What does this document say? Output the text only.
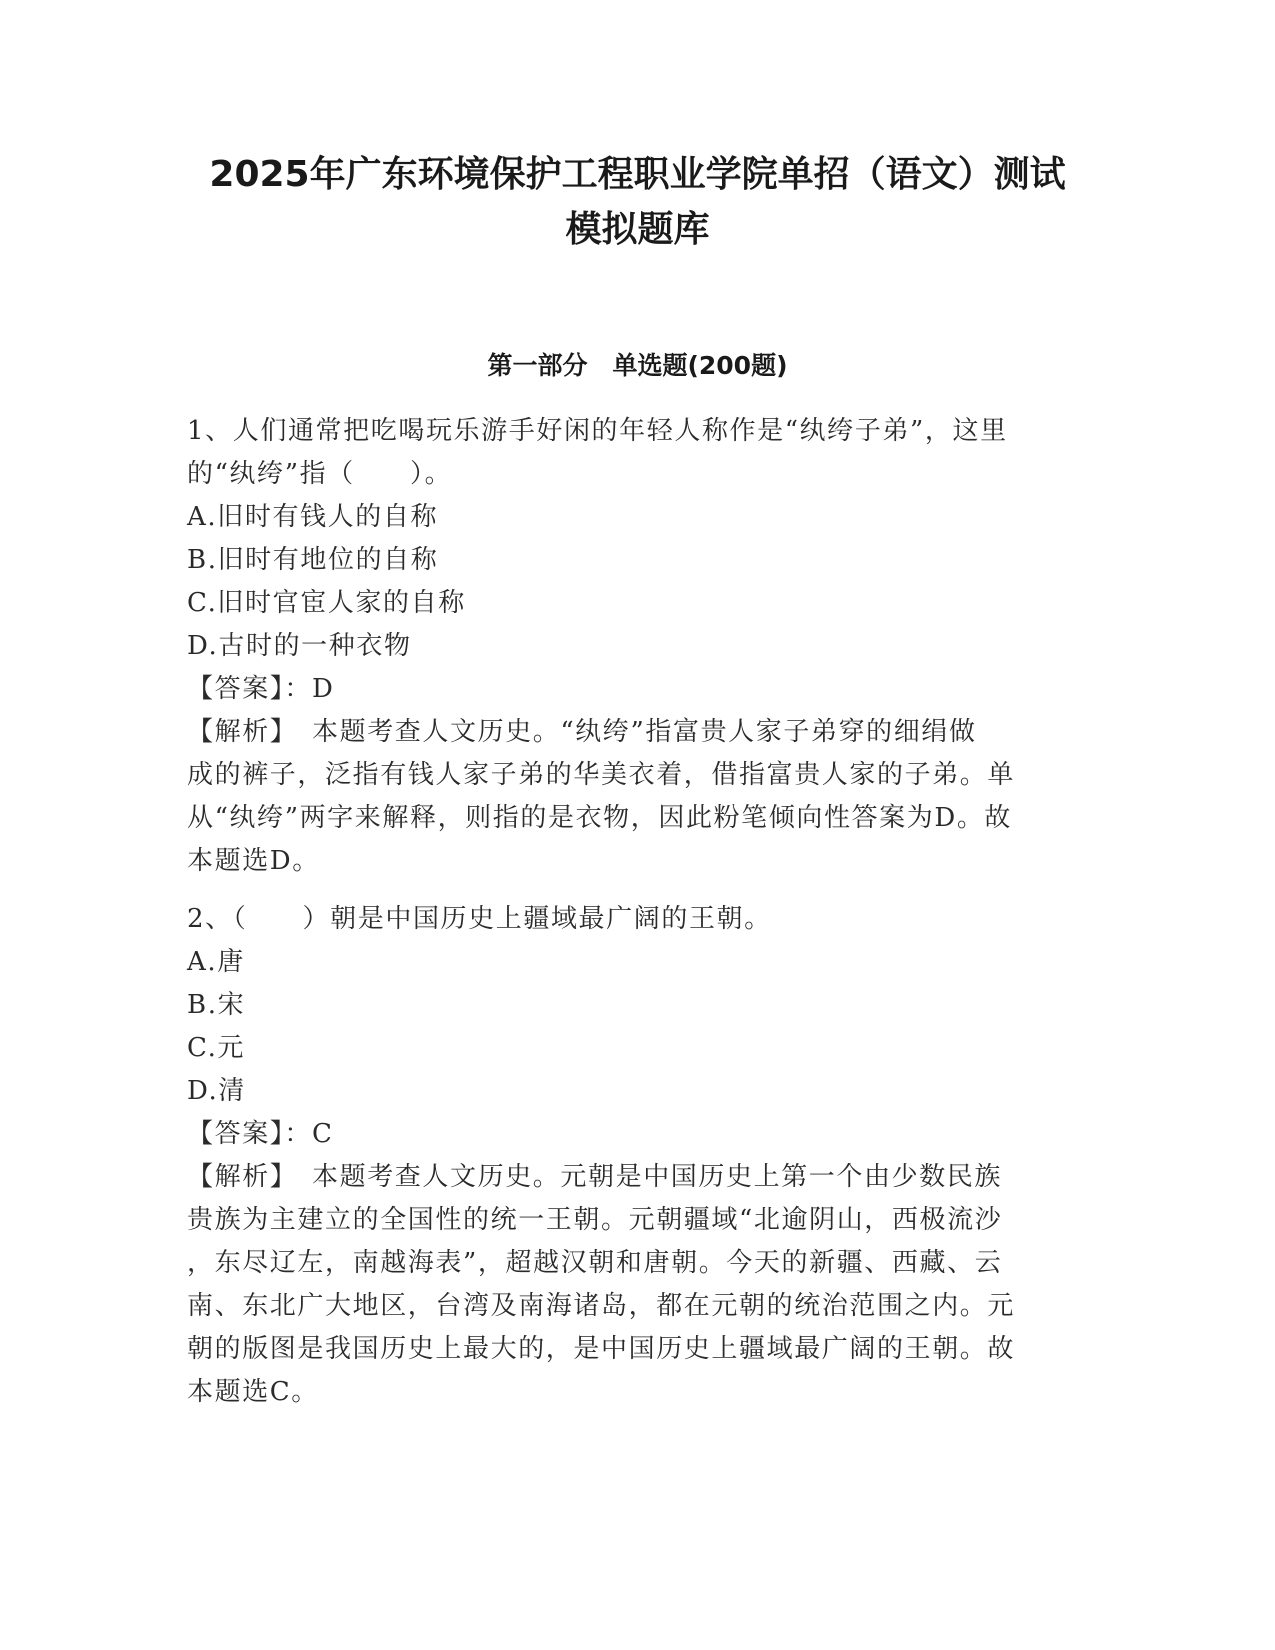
2025年广东环境保护工程职业学院单招（语文）测试
模拟题库
第一部分　单选题(200题)
1、人们通常把吃喝玩乐游手好闲的年轻人称作是“纨绔子弟”，这里
的“纨绔”指（　　）。
A.旧时有钱人的自称
B.旧时有地位的自称
C.旧时官宦人家的自称
D.古时的一种衣物
【答案】：D
【解析】　本题考查人文历史。“纨绔”指富贵人家子弟穿的细绢做
成的裤子，泛指有钱人家子弟的华美衣着，借指富贵人家的子弟。单
从“纨绔”两字来解释，则指的是衣物，因此粉笔倾向性答案为D。故
本题选D。
2、（　　）朝是中国历史上疆域最广阔的王朝。
A.唐
B.宋
C.元
D.清
【答案】：C
【解析】　本题考查人文历史。元朝是中国历史上第一个由少数民族
贵族为主建立的全国性的统一王朝。元朝疆域“北逾阴山，西极流沙
，东尽辽左，南越海表”，超越汉朝和唐朝。今天的新疆、西藏、云
南、东北广大地区，台湾及南海诸岛，都在元朝的统治范围之内。元
朝的版图是我国历史上最大的，是中国历史上疆域最广阔的王朝。故
本题选C。
